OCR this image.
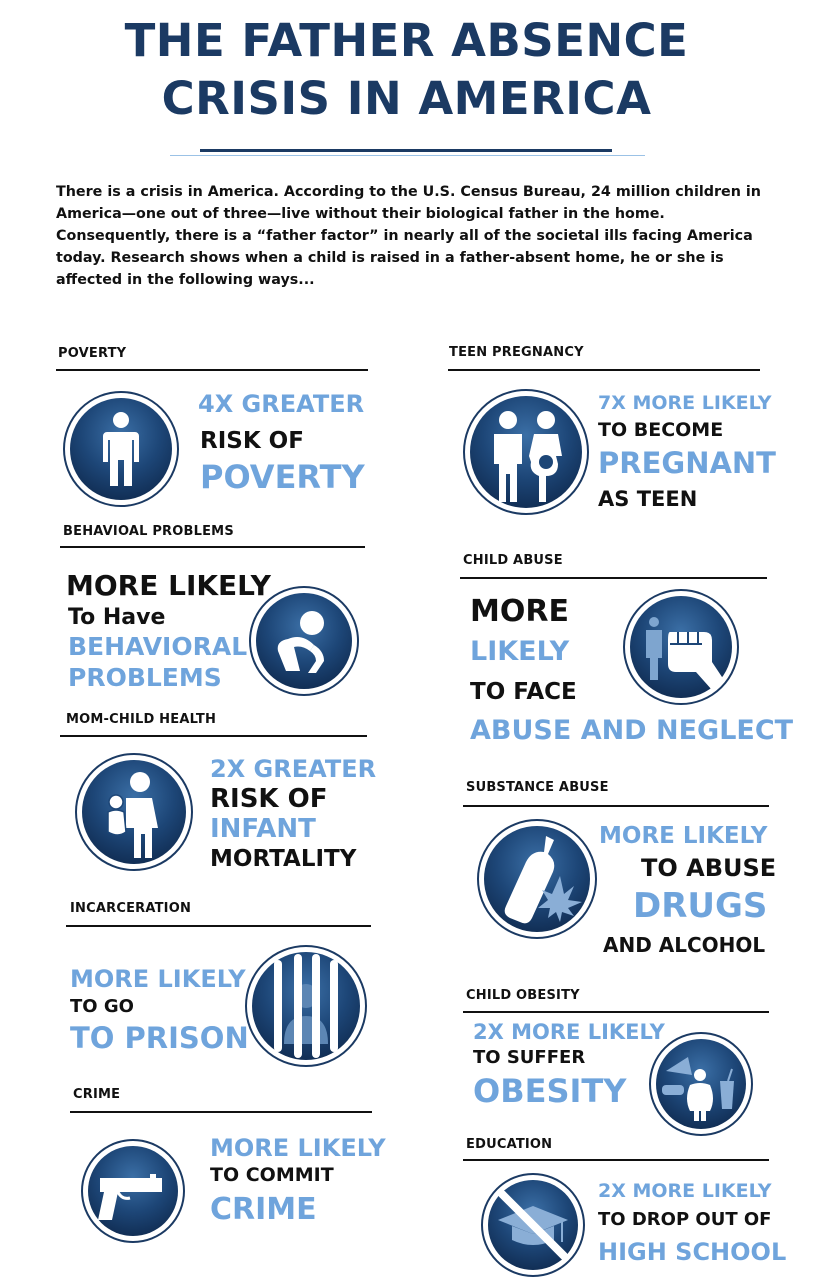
THE FATHER ABSENCE
CRISIS IN AMERICA
There is a crisis in America. According to the U.S. Census Bureau, 24 million children in America—one out of three—live without their biological father in the home. Consequently, there is a “father factor” in nearly all of the societal ills facing America today. Research shows when a child is raised in a father-absent home, he or she is affected in the following ways...
POVERTY
4X GREATER
RISK OF
POVERTY
BEHAVIOAL PROBLEMS
MORE LIKELY
To Have
BEHAVIORAL
PROBLEMS
MOM-CHILD HEALTH
2X GREATER
RISK OF
INFANT
MORTALITY
INCARCERATION
MORE LIKELY
TO GO
TO PRISON
CRIME
MORE LIKELY
TO COMMIT
CRIME
TEEN PREGNANCY
7X MORE LIKELY
TO BECOME
PREGNANT
AS TEEN
CHILD ABUSE
MORE
LIKELY
TO FACE
ABUSE AND NEGLECT
SUBSTANCE ABUSE
MORE LIKELY
TO ABUSE
DRUGS
AND ALCOHOL
CHILD OBESITY
2X MORE LIKELY
TO SUFFER
OBESITY
EDUCATION
2X MORE LIKELY
TO DROP OUT OF
HIGH SCHOOL
